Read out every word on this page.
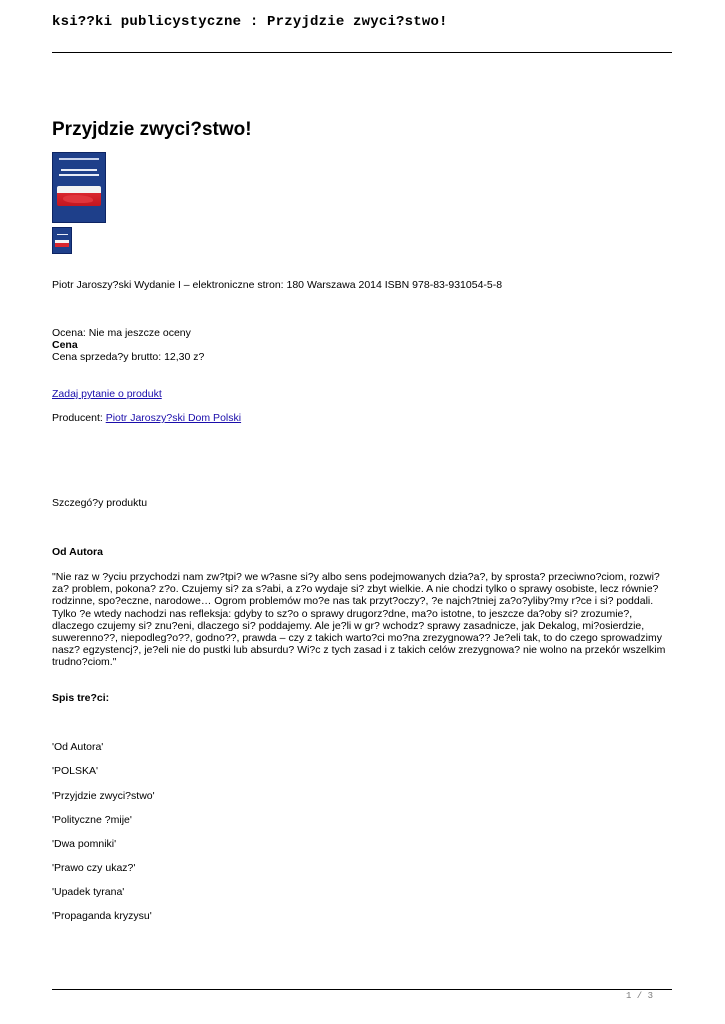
ksi??ki publicystyczne : Przyjdzie zwyci?stwo!
Przyjdzie zwyci?stwo!

Piotr Jaroszy?ski Wydanie I – elektroniczne stron: 180 Warszawa 2014 ISBN 978-83-931054-5-8

Ocena: Nie ma jeszcze oceny

Cena

Cena sprzeda?y brutto: 12,30 z?

Zadaj pytanie o produkt

Producent: Piotr Jaroszy?ski Dom Polski

Szczegó?y produktu

Od Autora

"Nie raz w ?yciu przychodzi nam zw?tpi? we w?asne si?y albo sens podejmowanych dzia?a?, by sprosta? przeciwno?ciom, rozwi?za? problem, pokona? z?o. Czujemy si? za s?abi, a z?o wydaje si? zbyt wielkie. A nie chodzi tylko o sprawy osobiste, lecz równie? rodzinne, spo?eczne, narodowe… Ogrom problemów mo?e nas tak przyt?oczy?, ?e najch?tniej za?o?yliby?my r?ce i si? poddali. Tylko ?e wtedy nachodzi nas refleksja: gdyby to sz?o o sprawy drugorz?dne, ma?o istotne, to jeszcze da?oby si? zrozumie?, dlaczego czujemy si? znu?eni, dlaczego si? poddajemy. Ale je?li w gr? wchodz? sprawy zasadnicze, jak Dekalog, mi?osierdzie, suwerenno??, niepodleg?o??, godno??, prawda – czy z takich warto?ci mo?na zrezygnowa?? Je?eli tak, to do czego sprowadzimy nasz? egzystencj?, je?eli nie do pustki lub absurdu? Wi?c z tych zasad i z takich celów zrezygnowa? nie wolno na przekór wszelkim trudno?ciom."

Spis tre?ci:

'Od Autora'
'POLSKA'
'Przyjdzie zwyci?stwo'
'Polityczne ?mije'
'Dwa pomniki'
'Prawo czy ukaz?'
'Upadek tyrana'
'Propaganda kryzysu'
1 / 3
